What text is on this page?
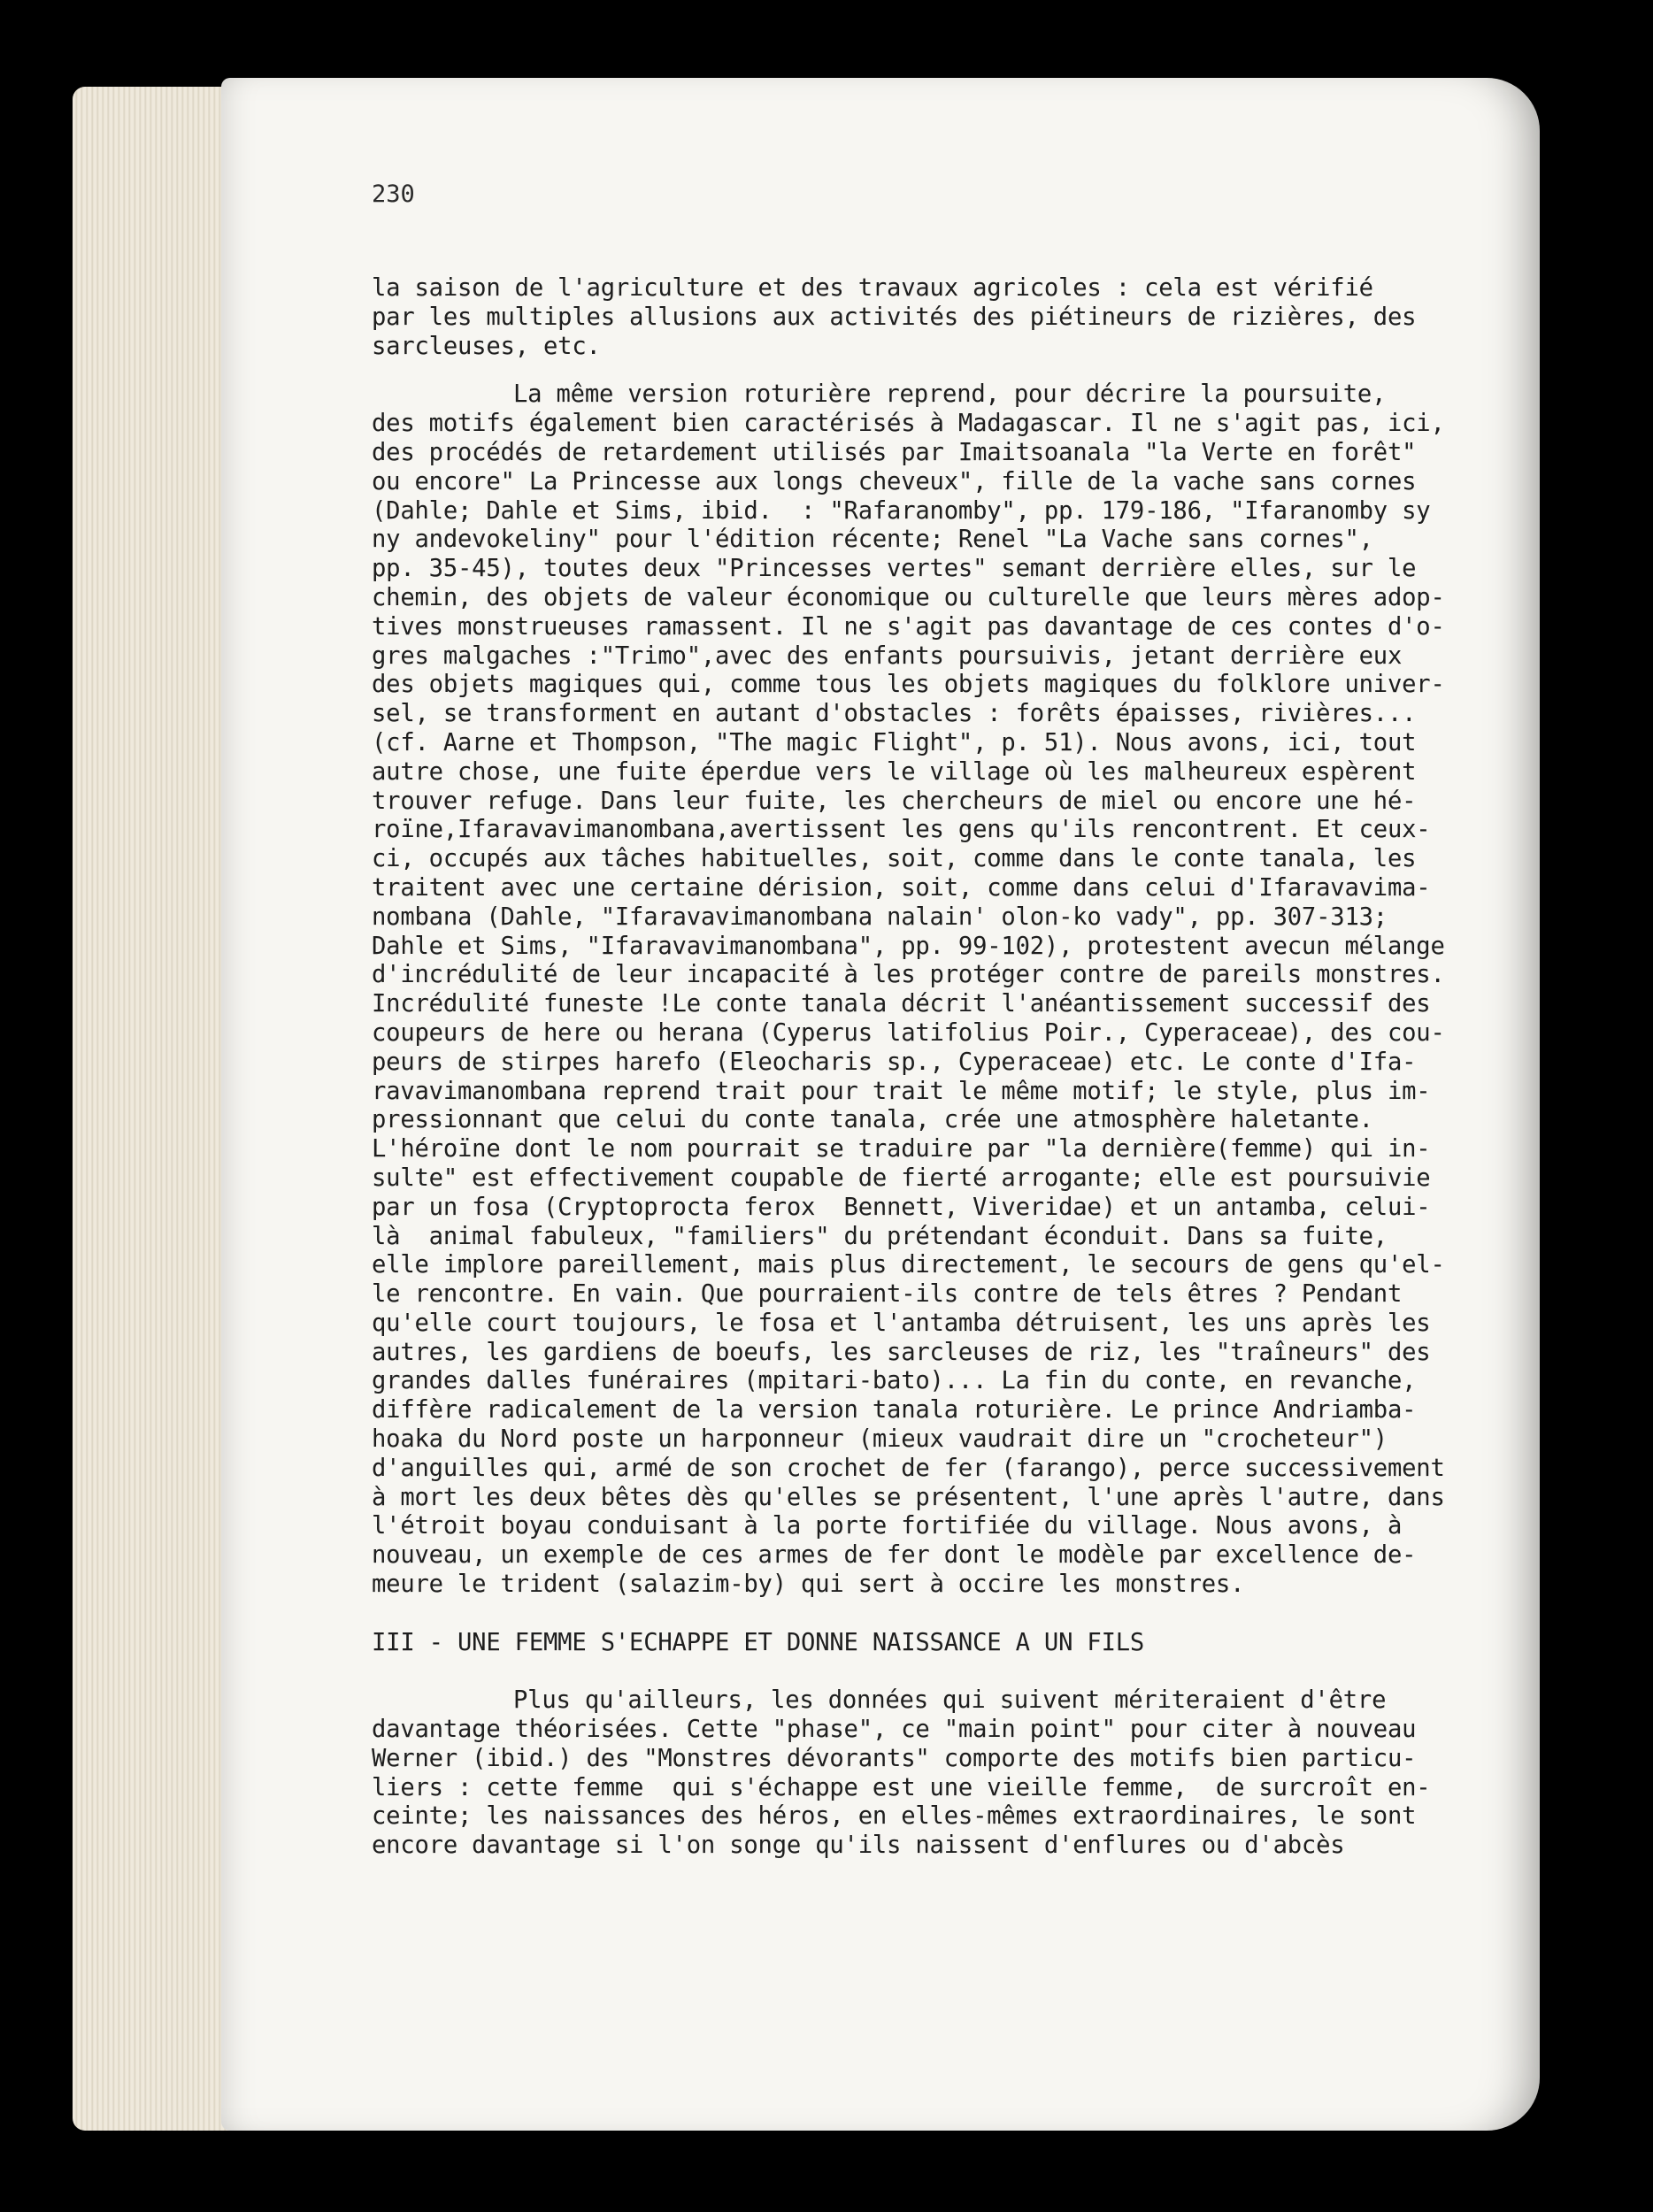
230
la saison de l'agriculture et des travaux agricoles : cela est vérifié
par les multiples allusions aux activités des piétineurs de rizières, des
sarcleuses, etc.
La même version roturière reprend, pour décrire la poursuite,
des motifs également bien caractérisés à Madagascar. Il ne s'agit pas, ici,
des procédés de retardement utilisés par Imaitsoanala "la Verte en forêt"
ou encore" La Princesse aux longs cheveux", fille de la vache sans cornes
(Dahle; Dahle et Sims, ibid.  : "Rafaranomby", pp. 179-186, "Ifaranomby sy
ny andevokeliny" pour l'édition récente; Renel "La Vache sans cornes",
pp. 35-45), toutes deux "Princesses vertes" semant derrière elles, sur le
chemin, des objets de valeur économique ou culturelle que leurs mères adop-
tives monstrueuses ramassent. Il ne s'agit pas davantage de ces contes d'o-
gres malgaches :"Trimo",avec des enfants poursuivis, jetant derrière eux
des objets magiques qui, comme tous les objets magiques du folklore univer-
sel, se transforment en autant d'obstacles : forêts épaisses, rivières...
(cf. Aarne et Thompson, "The magic Flight", p. 51). Nous avons, ici, tout
autre chose, une fuite éperdue vers le village où les malheureux espèrent
trouver refuge. Dans leur fuite, les chercheurs de miel ou encore une hé-
roïne,Ifaravavimanombana,avertissent les gens qu'ils rencontrent. Et ceux-
ci, occupés aux tâches habituelles, soit, comme dans le conte tanala, les
traitent avec une certaine dérision, soit, comme dans celui d'Ifaravavima-
nombana (Dahle, "Ifaravavimanombana nalain' olon-ko vady", pp. 307-313;
Dahle et Sims, "Ifaravavimanombana", pp. 99-102), protestent avecun mélange
d'incrédulité de leur incapacité à les protéger contre de pareils monstres.
Incrédulité funeste !Le conte tanala décrit l'anéantissement successif des
coupeurs de here ou herana (Cyperus latifolius Poir., Cyperaceae), des cou-
peurs de stirpes harefo (Eleocharis sp., Cyperaceae) etc. Le conte d'Ifa-
ravavimanombana reprend trait pour trait le même motif; le style, plus im-
pressionnant que celui du conte tanala, crée une atmosphère haletante.
L'héroïne dont le nom pourrait se traduire par "la dernière(femme) qui in-
sulte" est effectivement coupable de fierté arrogante; elle est poursuivie
par un fosa (Cryptoprocta ferox  Bennett, Viveridae) et un antamba, celui-
là  animal fabuleux, "familiers" du prétendant éconduit. Dans sa fuite,
elle implore pareillement, mais plus directement, le secours de gens qu'el-
le rencontre. En vain. Que pourraient-ils contre de tels êtres ? Pendant
qu'elle court toujours, le fosa et l'antamba détruisent, les uns après les
autres, les gardiens de boeufs, les sarcleuses de riz, les "traîneurs" des
grandes dalles funéraires (mpitari-bato)... La fin du conte, en revanche,
diffère radicalement de la version tanala roturière. Le prince Andriamba-
hoaka du Nord poste un harponneur (mieux vaudrait dire un "crocheteur")
d'anguilles qui, armé de son crochet de fer (farango), perce successivement
à mort les deux bêtes dès qu'elles se présentent, l'une après l'autre, dans
l'étroit boyau conduisant à la porte fortifiée du village. Nous avons, à
nouveau, un exemple de ces armes de fer dont le modèle par excellence de-
meure le trident (salazim-by) qui sert à occire les monstres.
III - UNE FEMME S'ECHAPPE ET DONNE NAISSANCE A UN FILS
Plus qu'ailleurs, les données qui suivent mériteraient d'être
davantage théorisées. Cette "phase", ce "main point" pour citer à nouveau
Werner (ibid.) des "Monstres dévorants" comporte des motifs bien particu-
liers : cette femme  qui s'échappe est une vieille femme,  de surcroît en-
ceinte; les naissances des héros, en elles-mêmes extraordinaires, le sont
encore davantage si l'on songe qu'ils naissent d'enflures ou d'abcès
